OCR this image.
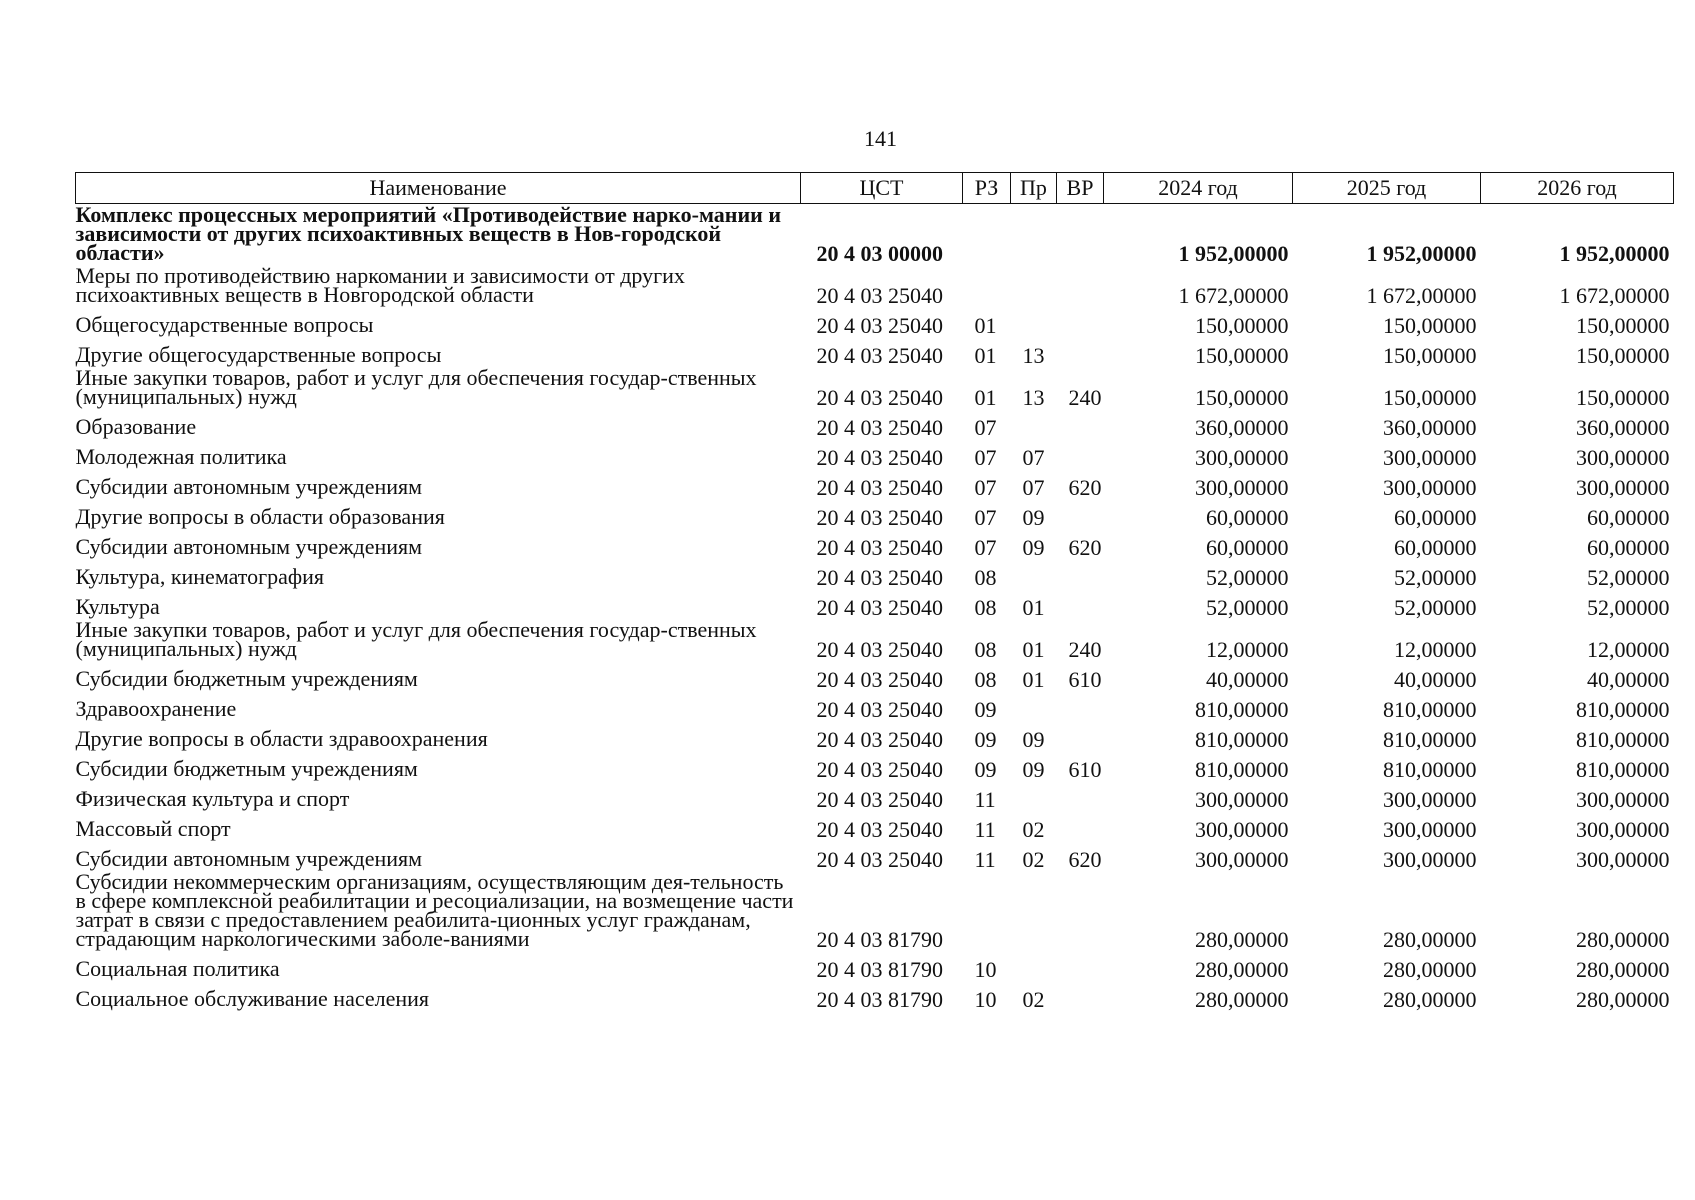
141
Наименование	ЦСТ	РЗ	Пр	ВР	2024 год	2025 год	2026 год
Комплекс процессных мероприятий «Противодействие нарко-мании и зависимости от других психоактивных веществ в Нов-городской области»	20 4 03 00000				1 952,00000	1 952,00000	1 952,00000
Меры по противодействию наркомании и зависимости от других психоактивных веществ в Новгородской области	20 4 03 25040				1 672,00000	1 672,00000	1 672,00000
Общегосударственные вопросы	20 4 03 25040	01			150,00000	150,00000	150,00000
Другие общегосударственные вопросы	20 4 03 25040	01	13		150,00000	150,00000	150,00000
Иные закупки товаров, работ и услуг для обеспечения государ-ственных (муниципальных) нужд	20 4 03 25040	01	13	240	150,00000	150,00000	150,00000
Образование	20 4 03 25040	07			360,00000	360,00000	360,00000
Молодежная политика	20 4 03 25040	07	07		300,00000	300,00000	300,00000
Субсидии автономным учреждениям	20 4 03 25040	07	07	620	300,00000	300,00000	300,00000
Другие вопросы в области образования	20 4 03 25040	07	09		60,00000	60,00000	60,00000
Субсидии автономным учреждениям	20 4 03 25040	07	09	620	60,00000	60,00000	60,00000
Культура, кинематография	20 4 03 25040	08			52,00000	52,00000	52,00000
Культура	20 4 03 25040	08	01		52,00000	52,00000	52,00000
Иные закупки товаров, работ и услуг для обеспечения государ-ственных (муниципальных) нужд	20 4 03 25040	08	01	240	12,00000	12,00000	12,00000
Субсидии бюджетным учреждениям	20 4 03 25040	08	01	610	40,00000	40,00000	40,00000
Здравоохранение	20 4 03 25040	09			810,00000	810,00000	810,00000
Другие вопросы в области здравоохранения	20 4 03 25040	09	09		810,00000	810,00000	810,00000
Субсидии бюджетным учреждениям	20 4 03 25040	09	09	610	810,00000	810,00000	810,00000
Физическая культура и спорт	20 4 03 25040	11			300,00000	300,00000	300,00000
Массовый спорт	20 4 03 25040	11	02		300,00000	300,00000	300,00000
Субсидии автономным учреждениям	20 4 03 25040	11	02	620	300,00000	300,00000	300,00000
Субсидии некоммерческим организациям, осуществляющим дея-тельность в сфере комплексной реабилитации и ресоциализации, на возмещение части затрат в связи с предоставлением реабилита-ционных услуг гражданам, страдающим наркологическими заболе-ваниями	20 4 03 81790				280,00000	280,00000	280,00000
Социальная политика	20 4 03 81790	10			280,00000	280,00000	280,00000
Социальное обслуживание населения	20 4 03 81790	10	02		280,00000	280,00000	280,00000
